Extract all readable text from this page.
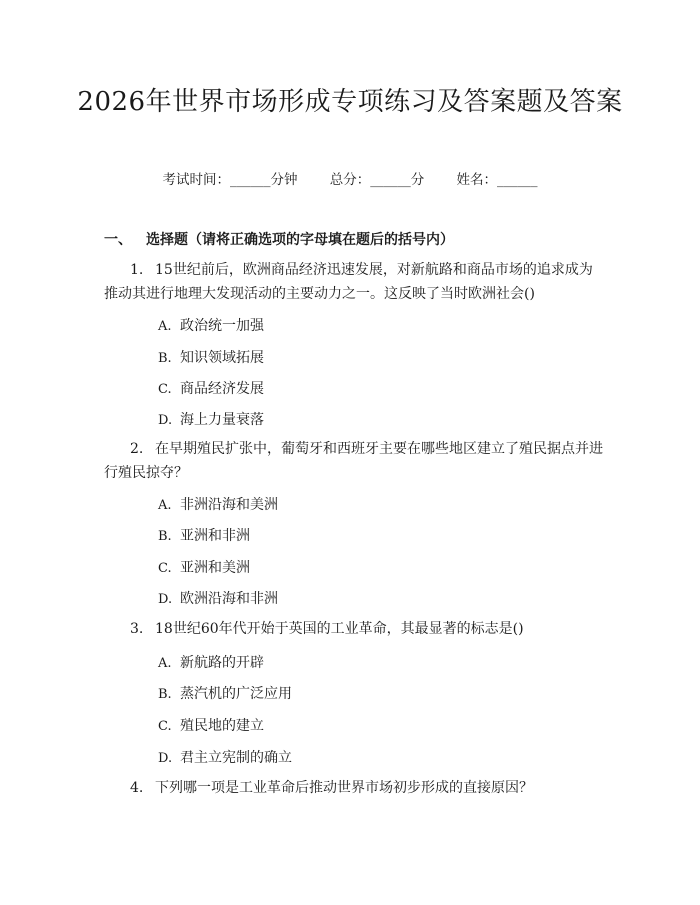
2026年世界市场形成专项练习及答案题及答案
考试时间：______分钟 总分：______分 姓名：______
一、 选择题（请将正确选项的字母填在题后的括号内）
1. 15世纪前后，欧洲商品经济迅速发展，对新航路和商品市场的追求成为推动其进行地理大发现活动的主要动力之一。这反映了当时欧洲社会()
A. 政治统一加强
B. 知识领域拓展
C. 商品经济发展
D. 海上力量衰落
2. 在早期殖民扩张中，葡萄牙和西班牙主要在哪些地区建立了殖民据点并进行殖民掠夺？
A. 非洲沿海和美洲
B. 亚洲和非洲
C. 亚洲和美洲
D. 欧洲沿海和非洲
3. 18世纪60年代开始于英国的工业革命，其最显著的标志是()
A. 新航路的开辟
B. 蒸汽机的广泛应用
C. 殖民地的建立
D. 君主立宪制的确立
4. 下列哪一项是工业革命后推动世界市场初步形成的直接原因？
